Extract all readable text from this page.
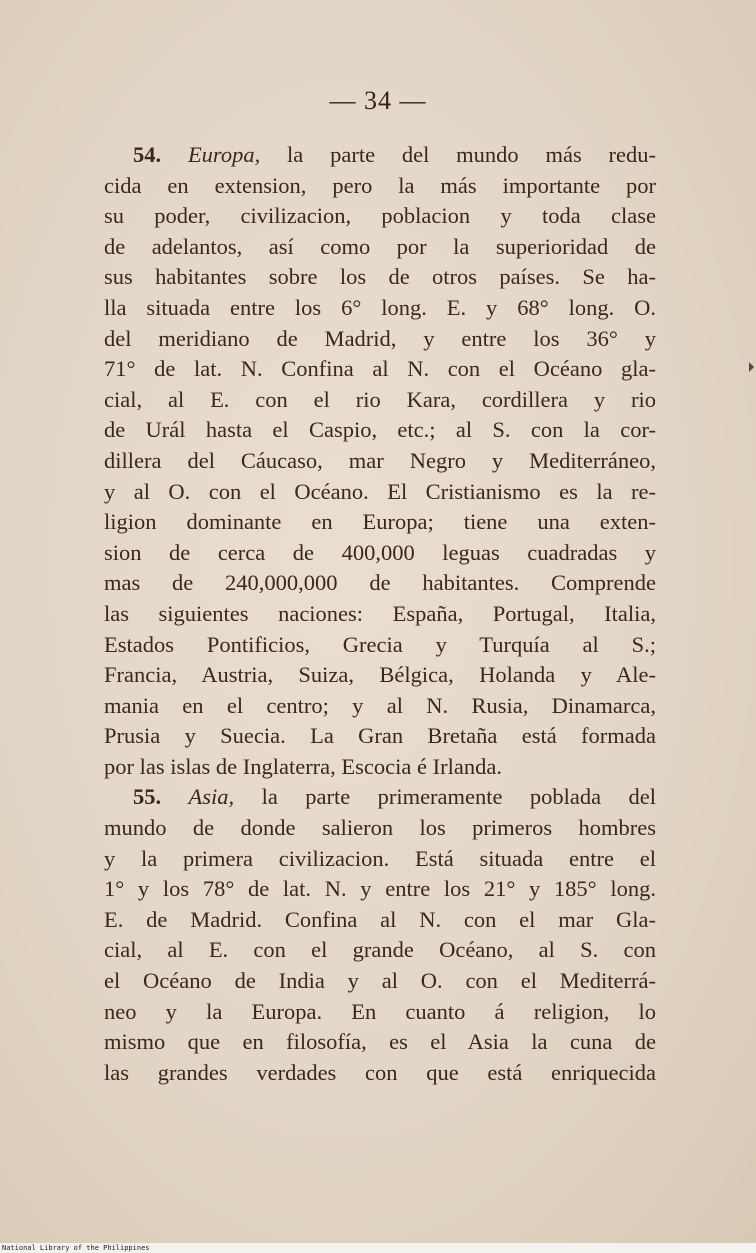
— 34 —
54. Europa, la parte del mundo más redu-
cida en extension, pero la más importante por
su poder, civilizacion, poblacion y toda clase
de adelantos, así como por la superioridad de
sus habitantes sobre los de otros países. Se ha-
lla situada entre los 6° long. E. y 68° long. O.
del meridiano de Madrid, y entre los 36° y
71° de lat. N. Confina al N. con el Océano gla-
cial, al E. con el rio Kara, cordillera y rio
de Urál hasta el Caspio, etc.; al S. con la cor-
dillera del Cáucaso, mar Negro y Mediterráneo,
y al O. con el Océano. El Cristianismo es la re-
ligion dominante en Europa; tiene una exten-
sion de cerca de 400,000 leguas cuadradas y
mas de 240,000,000 de habitantes. Comprende
las siguientes naciones: España, Portugal, Italia,
Estados Pontificios, Grecia y Turquía al S.;
Francia, Austria, Suiza, Bélgica, Holanda y Ale-
mania en el centro; y al N. Rusia, Dinamarca,
Prusia y Suecia. La Gran Bretaña está formada
por las islas de Inglaterra, Escocia é Irlanda.
55. Asia, la parte primeramente poblada del
mundo de donde salieron los primeros hombres
y la primera civilizacion. Está situada entre el
1° y los 78° de lat. N. y entre los 21° y 185° long.
E. de Madrid. Confina al N. con el mar Gla-
cial, al E. con el grande Océano, al S. con
el Océano de India y al O. con el Mediterrá-
neo y la Europa. En cuanto á religion, lo
mismo que en filosofía, es el Asia la cuna de
las grandes verdades con que está enriquecida
National Library of the Philippines
